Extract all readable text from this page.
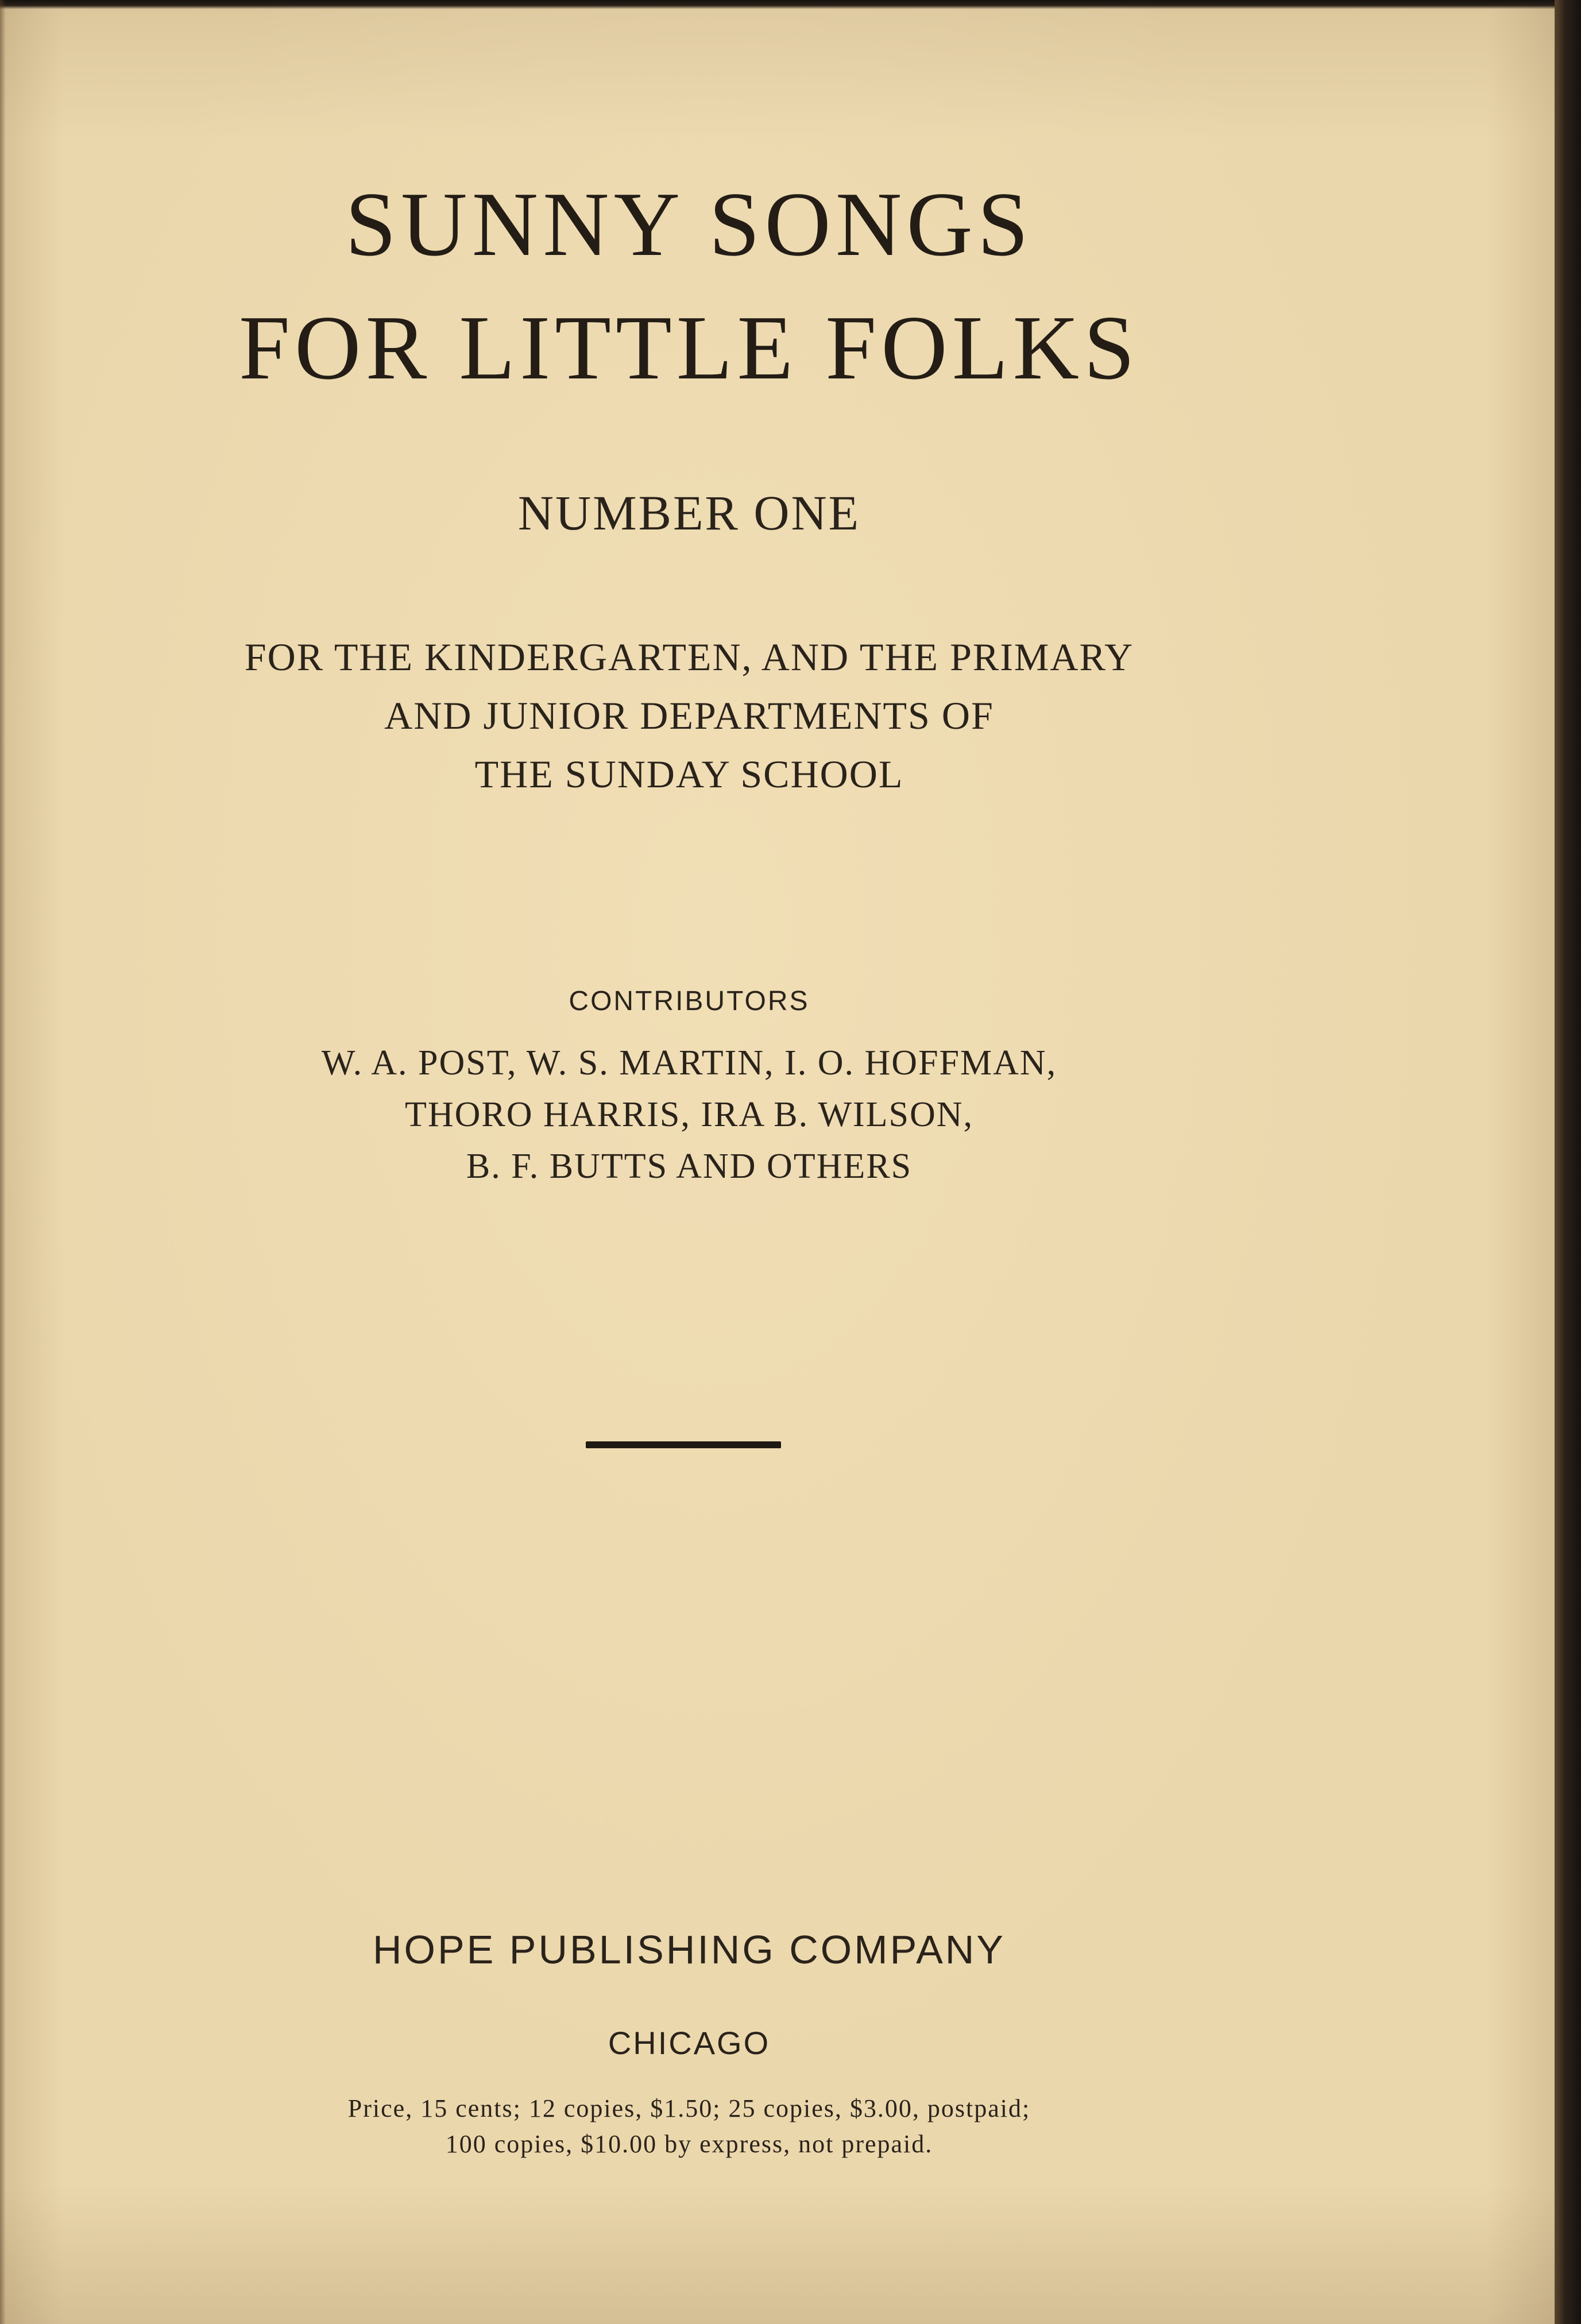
SUNNY SONGS
FOR LITTLE FOLKS
NUMBER ONE
FOR THE KINDERGARTEN, AND THE PRIMARY
AND JUNIOR DEPARTMENTS OF
THE SUNDAY SCHOOL
CONTRIBUTORS
W. A. POST, W. S. MARTIN, I. O. HOFFMAN,
THORO HARRIS, IRA B. WILSON,
B. F. BUTTS AND OTHERS
HOPE PUBLISHING COMPANY
CHICAGO
Price, 15 cents; 12 copies, $1.50; 25 copies, $3.00, postpaid;
100 copies, $10.00 by express, not prepaid.
